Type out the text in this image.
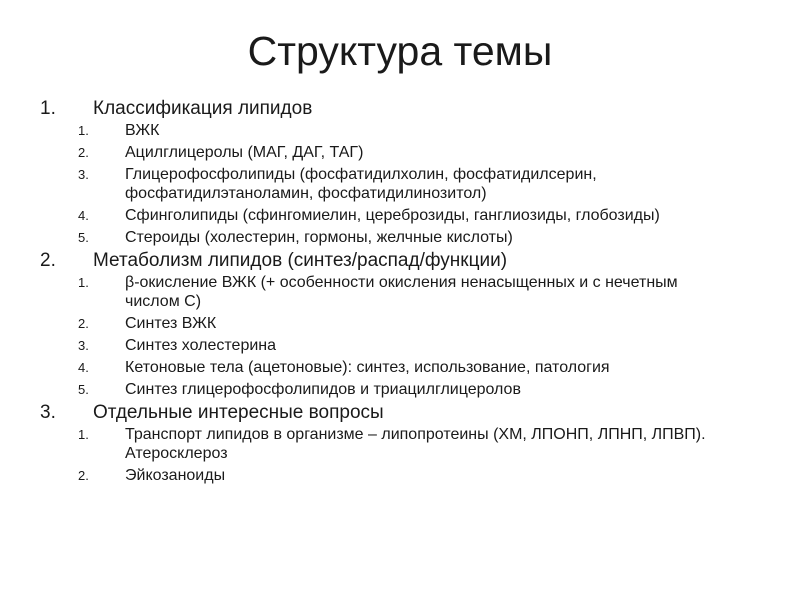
Структура темы
1.	Классификация липидов
1.	ВЖК
2.	Ацилглицеролы (МАГ, ДАГ, ТАГ)
3.	Глицерофосфолипиды (фосфатидилхолин, фосфатидилсерин, фосфатидилэтаноламин, фосфатидилинозитол)
4.	Сфинголипиды (сфингомиелин, цереброзиды, ганглиозиды, глобозиды)
5.	Стероиды (холестерин, гормоны, желчные кислоты)
2.	Метаболизм липидов (синтез/распад/функции)
1.	β-окисление ВЖК (+ особенности окисления ненасыщенных и с нечетным числом С)
2.	Синтез ВЖК
3.	Синтез холестерина
4.	Кетоновые тела (ацетоновые): синтез, использование, патология
5.	Синтез глицерофосфолипидов и триацилглицеролов
3.	Отдельные интересные вопросы
1.	Транспорт липидов в организме – липопротеины (ХМ, ЛПОНП, ЛПНП, ЛПВП). Атеросклероз
2.	Эйкозаноиды
